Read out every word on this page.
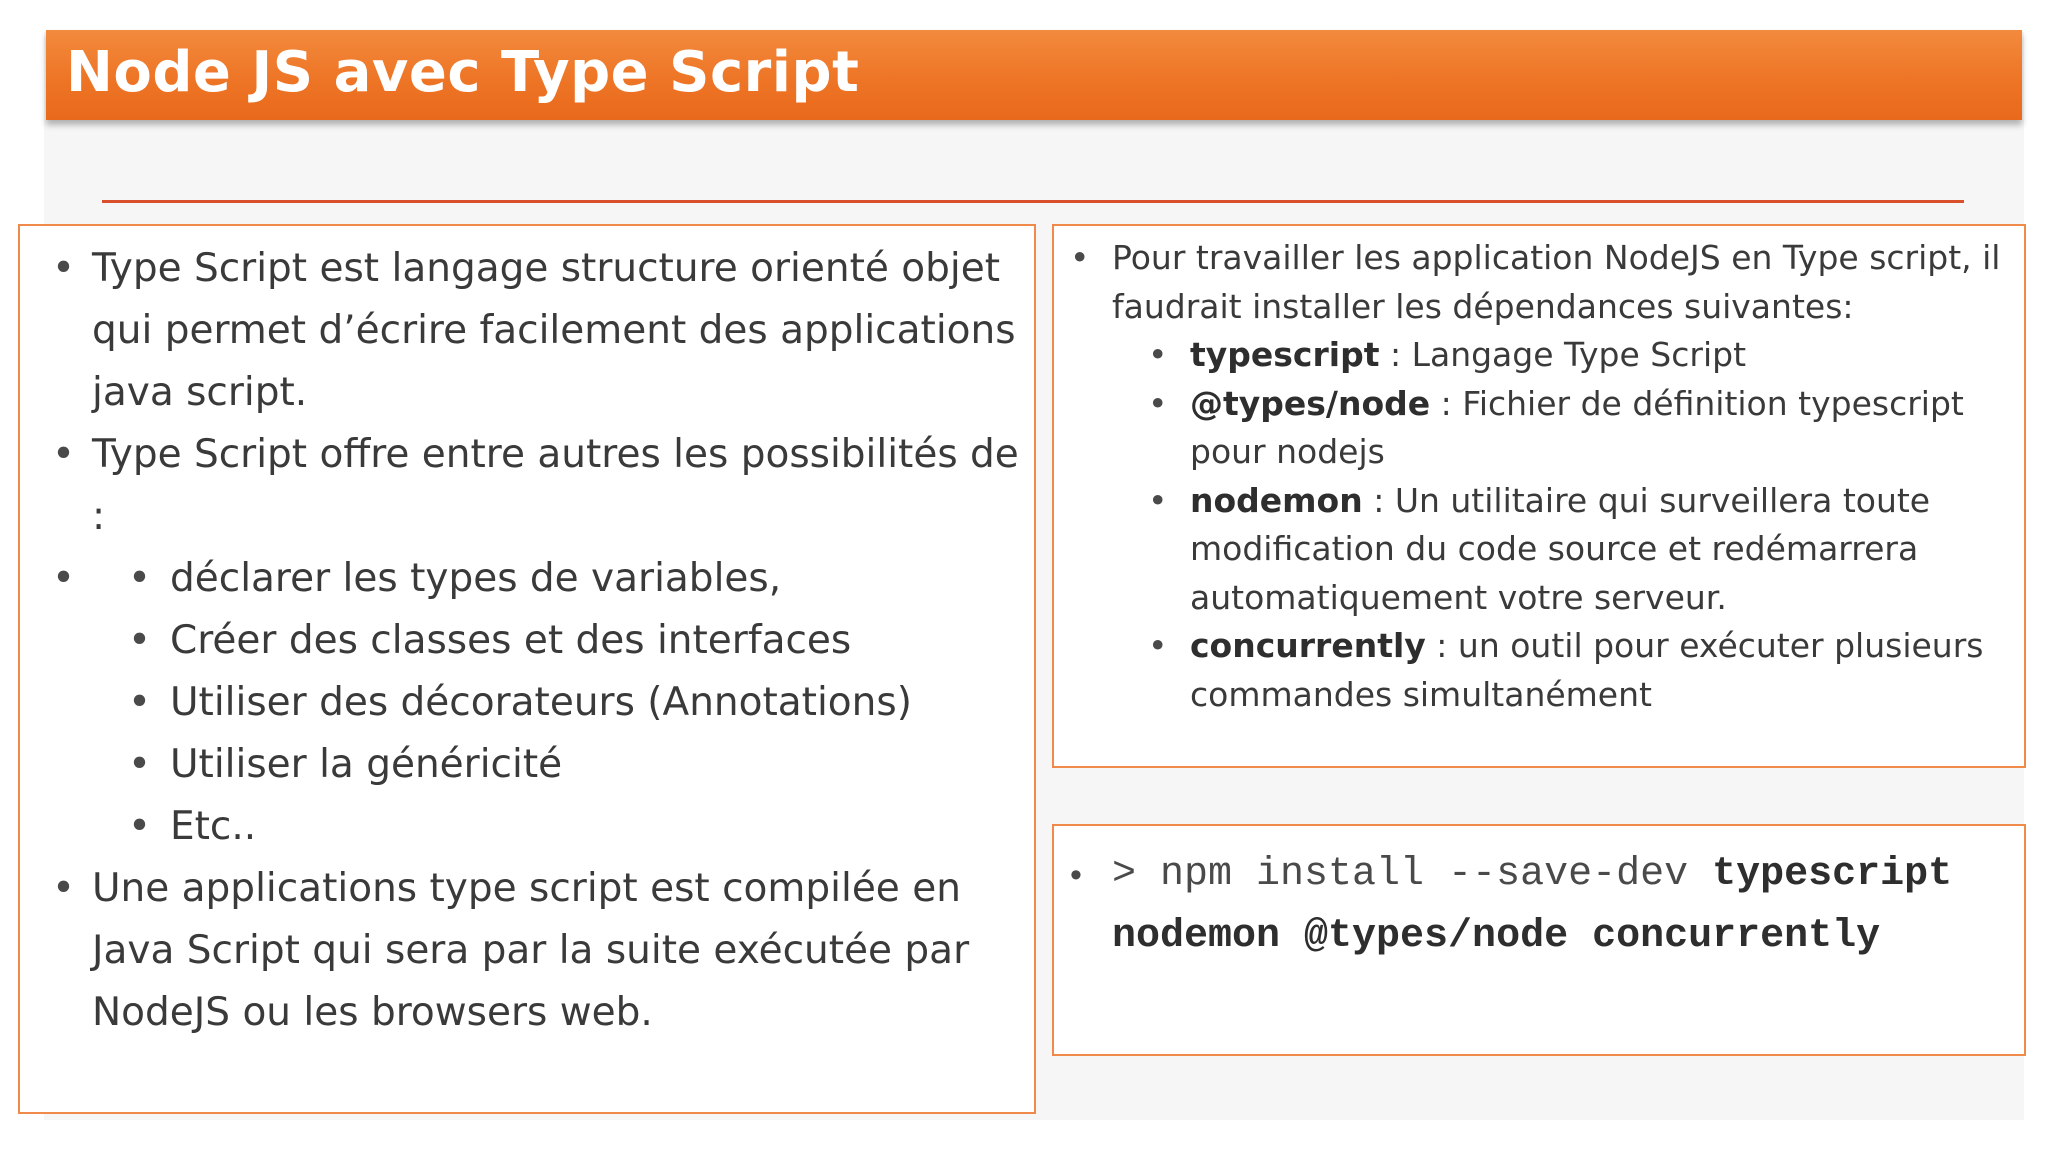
Node JS avec Type Script
• Type Script est langage structure orienté objet qui permet d’écrire facilement des applications java script.
• Type Script offre entre autres les possibilités de :
• • déclarer les types de variables,
• Créer des classes et des interfaces
• Utiliser des décorateurs (Annotations)
• Utiliser la généricité
• Etc..
• Une applications type script est compilée en Java Script qui sera par la suite exécutée par NodeJS ou les browsers web.
• Pour travailler les application NodeJS en Type script, il faudrait installer les dépendances suivantes:
• typescript : Langage Type Script
• @types/node : Fichier de définition typescript pour nodejs
• nodemon : Un utilitaire qui surveillera toute modification du code source et redémarrera automatiquement votre serveur.
• concurrently : un outil pour exécuter plusieurs commandes simultanément
• > npm install --save-dev typescript nodemon @types/node concurrently
